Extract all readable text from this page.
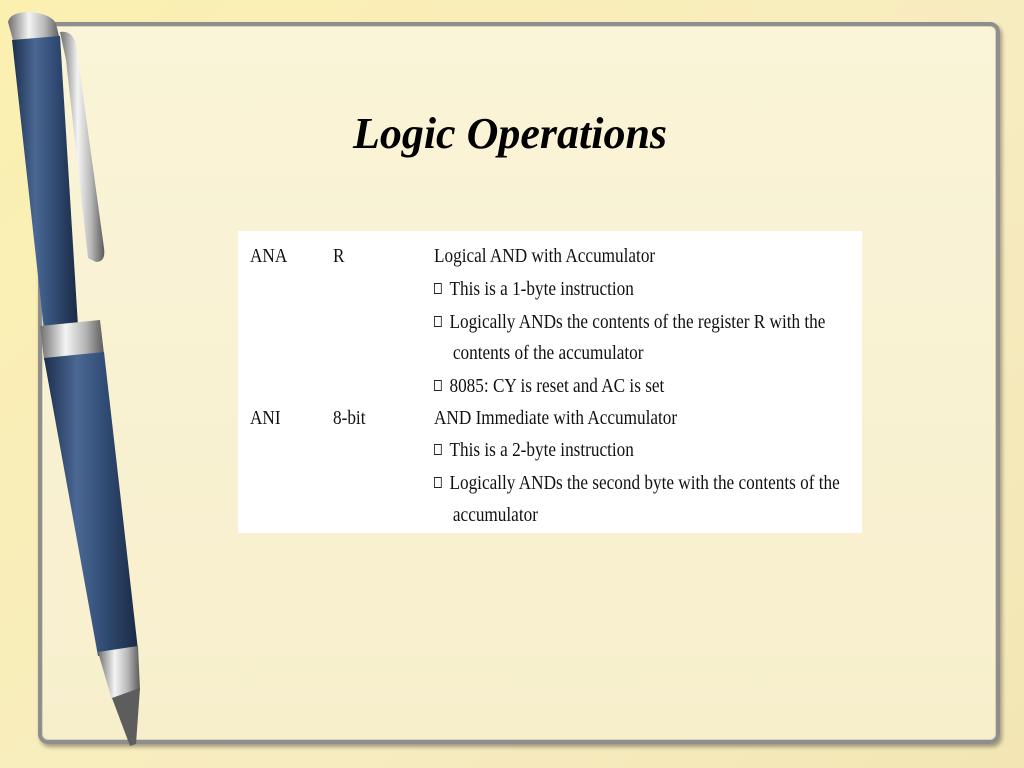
Logic Operations
ANA R	Logical AND with Accumulator
This is a 1-byte instruction
Logically ANDs the contents of the register R with the
contents of the accumulator
8085: CY is reset and AC is set
ANI	8-bit	AND Immediate with Accumulator
This is a 2-byte instruction
Logically ANDs the second byte with the contents of the
accumulator
